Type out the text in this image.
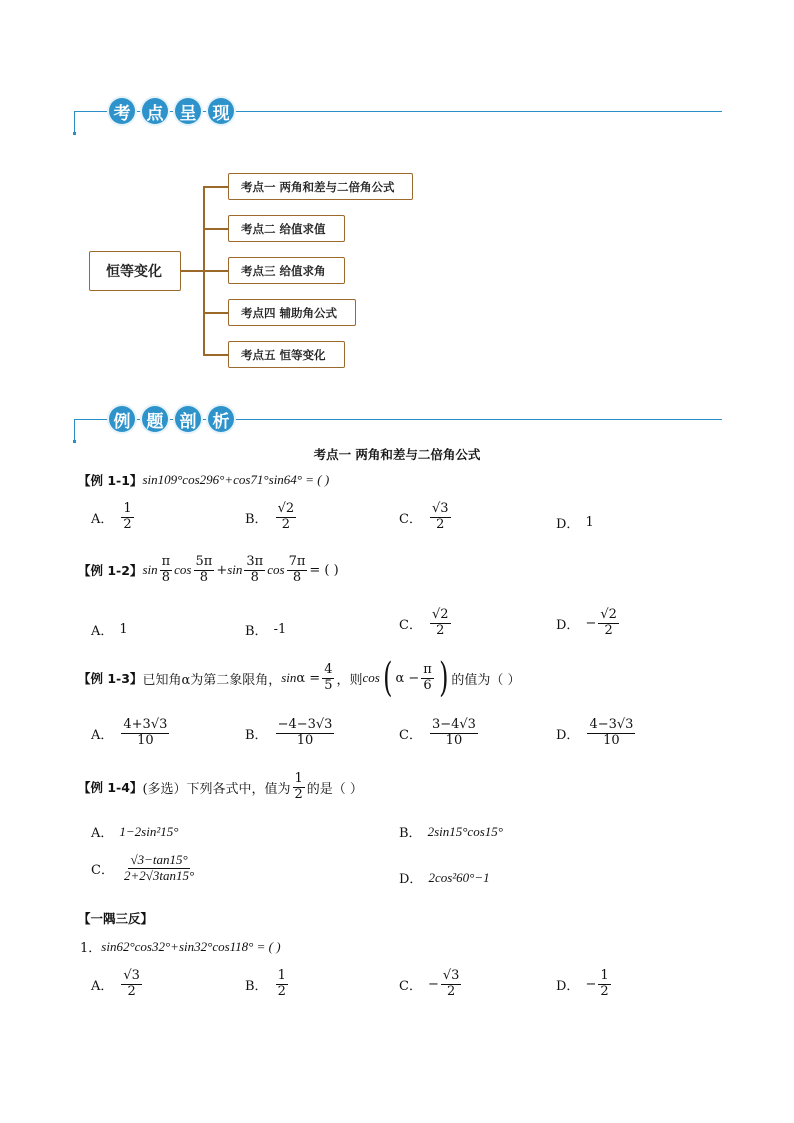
考 点 呈 现
恒等变化
考点一 两角和差与二倍角公式
考点二 给值求值
考点三 给值求角
考点四 辅助角公式
考点五 恒等变化
例 题 剖 析
考点一 两角和差与二倍角公式
【例 1-1】 sin109°cos296°+cos71°sin64° = ( )
A． $\frac{1}{2}$	B． $\frac{√2}{2}$	C． $\frac{√3}{2}$	D． 1
【例 1-2】 $\sin \frac{\pi}{8}$ $\cos \frac{5\pi}{8} + \sin \frac{3\pi}{8}$ $\cos \frac{7\pi}{8}$ = ( )
A． 1	B． -1	C． $\frac{√2}{2}$	D． − $\frac{√2}{2}$
【例 1-3】 已知角α为第二象限角， $\sin \alpha = \frac{4}{5}$ ，则 cos ( $\alpha - \frac{\pi}{6}$ ) 的值为（ ）
A． $\frac{4+3√3}{10}$	B． $\frac{-4-3√3}{10}$	C． $\frac{3-4√3}{10}$	D． $\frac{4-3√3}{10}$
【例 1-4】 (多选）下列各式中，值为 $\frac{1}{2}$ 的是（ ）
A． 1−2sin²15°	B． 2sin15°cos15°
C． $\frac{√3-\tan 15^\circ}{2+2√3\tan 15^\circ}$	D． 2cos²60°−1
【一隅三反】
1． sin62°cos32°+sin32°cos118° = ( )
A． $\frac{√3}{2}$	B． $\frac{1}{2}$	C． − $\frac{√3}{2}$	D． − $\frac{1}{2}$
